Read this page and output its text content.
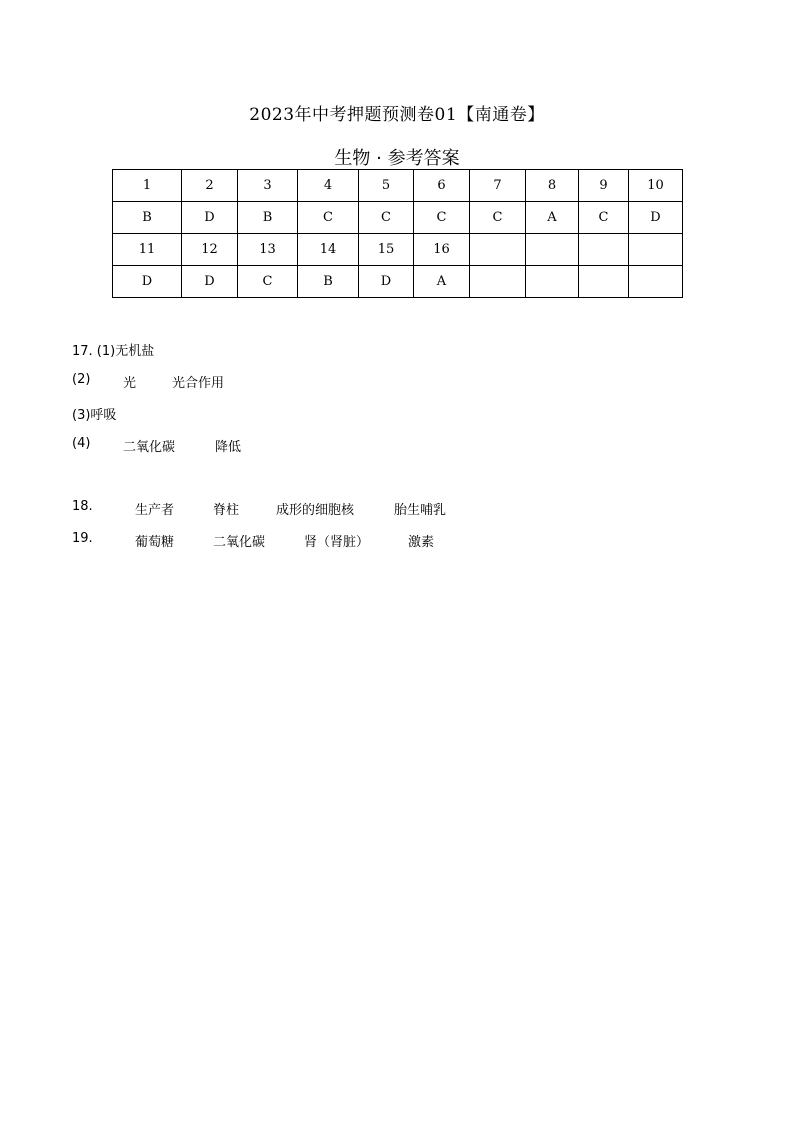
2023年中考押题预测卷01【南通卷】
生物 · 参考答案
1	2	3	4	5	6	7	8	9	10
B	D	B	C	C	C	C	A	C	D
11	12	13	14	15	16				
D	D	C	B	D	A				
17. (1)无机盐
(2)	光	光合作用
(3)呼吸
(4)	二氧化碳	降低
18.	生产者	脊柱	成形的细胞核	胎生哺乳
19.	葡萄糖	二氧化碳	肾（肾脏）	激素
